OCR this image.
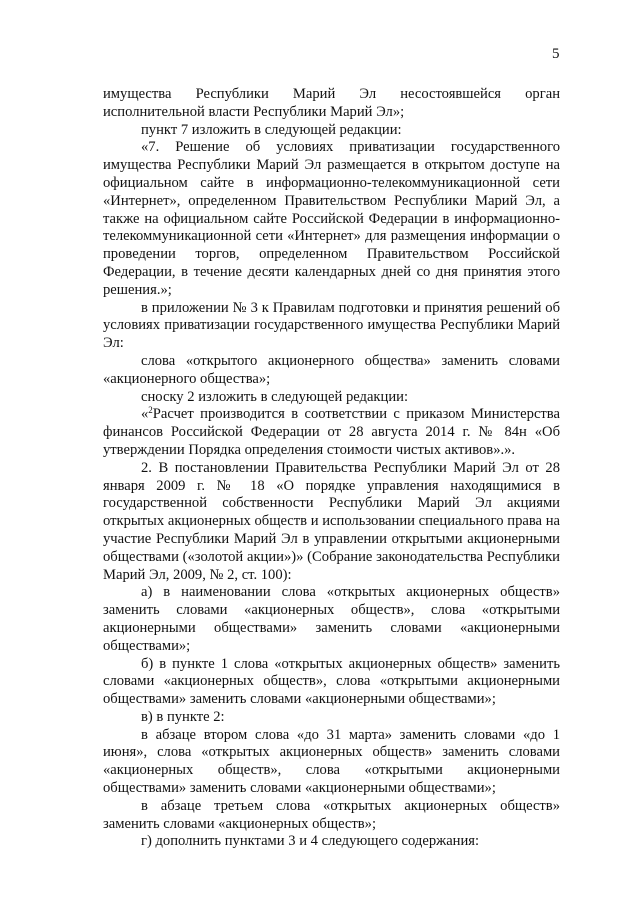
5

имущества Республики Марий Эл несостоявшейся орган исполнительной власти Республики Марий Эл»;

пункт 7 изложить в следующей редакции:

«7. Решение об условиях приватизации государственного имущества Республики Марий Эл размещается в открытом доступе на официальном сайте в информационно-телекоммуникационной сети «Интернет», определенном Правительством Республики Марий Эл, а также на официальном сайте Российской Федерации в информационно-телекоммуникационной сети «Интернет» для размещения информации о проведении торгов, определенном Правительством Российской Федерации, в течение десяти календарных дней со дня принятия этого решения.»;

в приложении № 3 к Правилам подготовки и принятия решений об условиях приватизации государственного имущества Республики Марий Эл:

слова «открытого акционерного общества» заменить словами «акционерного общества»;

сноску 2 изложить в следующей редакции:

«$^2$Расчет производится в соответствии с приказом Министерства финансов Российской Федерации от 28 августа 2014 г. № 84н «Об утверждении Порядка определения стоимости чистых активов».».

2. В постановлении Правительства Республики Марий Эл от 28 января 2009 г. № 18 «О порядке управления находящимися в государственной собственности Республики Марий Эл акциями открытых акционерных обществ и использовании специального права на участие Республики Марий Эл в управлении открытыми акционерными обществами («золотой акции»)» (Собрание законодательства Республики Марий Эл, 2009, № 2, ст. 100):

а) в наименовании слова «открытых акционерных обществ» заменить словами «акционерных обществ», слова «открытыми акционерными обществами» заменить словами «акционерными обществами»;

б) в пункте 1 слова «открытых акционерных обществ» заменить словами «акционерных обществ», слова «открытыми акционерными обществами» заменить словами «акционерными обществами»;

в) в пункте 2:

в абзаце втором слова «до 31 марта» заменить словами «до 1 июня», слова «открытых акционерных обществ» заменить словами «акционерных обществ», слова «открытыми акционерными обществами» заменить словами «акционерными обществами»;

в абзаце третьем слова «открытых акционерных обществ» заменить словами «акционерных обществ»;

г) дополнить пунктами 3 и 4 следующего содержания:
